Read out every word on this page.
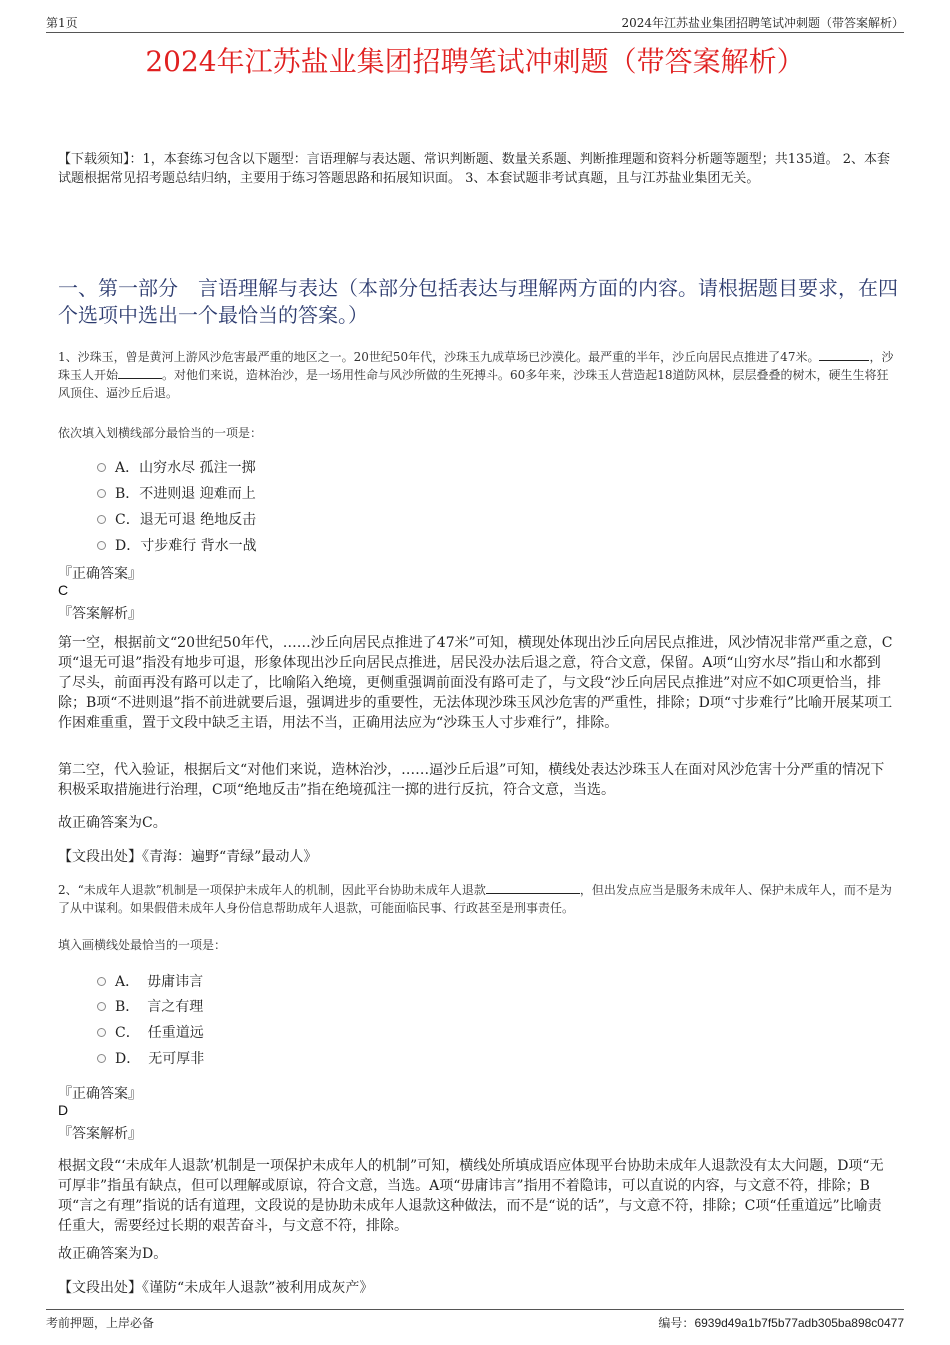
第1页	2024年江苏盐业集团招聘笔试冲刺题（带答案解析）
2024年江苏盐业集团招聘笔试冲刺题（带答案解析）
【下载须知】：1，本套练习包含以下题型：言语理解与表达题、常识判断题、数量关系题、判断推理题和资料分析题等题型；共135道。 2、本套试题根据常见招考题总结归纳，主要用于练习答题思路和拓展知识面。 3、本套试题非考试真题，且与江苏盐业集团无关。
一、第一部分　言语理解与表达（本部分包括表达与理解两方面的内容。请根据题目要求，在四个选项中选出一个最恰当的答案。）
1、沙珠玉，曾是黄河上游风沙危害最严重的地区之一。20世纪50年代，沙珠玉九成草场已沙漠化。最严重的半年，沙丘向居民点推进了47米。	，沙珠玉人开始	。对他们来说，造林治沙，是一场用性命与风沙所做的生死搏斗。60多年来，沙珠玉人营造起18道防风林，层层叠叠的树木，硬生生将狂风顶住、逼沙丘后退。
依次填入划横线部分最恰当的一项是：
A． 山穷水尽 孤注一掷
B． 不进则退 迎难而上
C． 退无可退 绝地反击
D． 寸步难行 背水一战
『正确答案』
C
『答案解析』
第一空，根据前文“20世纪50年代，……沙丘向居民点推进了47米”可知，横现处体现出沙丘向居民点推进，风沙情况非常严重之意，C项“退无可退”指没有地步可退，形象体现出沙丘向居民点推进，居民没办法后退之意，符合文意，保留。A项“山穷水尽”指山和水都到了尽头，前面再没有路可以走了，比喻陷入绝境，更侧重强调前面没有路可走了，与文段“沙丘向居民点推进”对应不如C项更恰当，排除；B项“不进则退”指不前进就要后退，强调进步的重要性，无法体现沙珠玉风沙危害的严重性，排除；D项“寸步难行”比喻开展某项工作困难重重，置于文段中缺乏主语，用法不当，正确用法应为“沙珠玉人寸步难行”，排除。
第二空，代入验证，根据后文“对他们来说，造林治沙，……逼沙丘后退”可知，横线处表达沙珠玉人在面对风沙危害十分严重的情况下积极采取措施进行治理，C项“绝地反击”指在绝境孤注一掷的进行反抗，符合文意，当选。
故正确答案为C。
【文段出处】《青海：遍野“青绿”最动人》
2、“未成年人退款”机制是一项保护未成年人的机制，因此平台协助未成年人退款	，但出发点应当是服务未成年人、保护未成年人，而不是为了从中谋利。如果假借未成年人身份信息帮助成年人退款，可能面临民事、行政甚至是刑事责任。
填入画横线处最恰当的一项是：
A． 毋庸讳言
B． 言之有理
C． 任重道远
D． 无可厚非
『正确答案』
D
『答案解析』
根据文段“‘未成年人退款’机制是一项保护未成年人的机制”可知，横线处所填成语应体现平台协助未成年人退款没有太大问题，D项“无可厚非”指虽有缺点，但可以理解或原谅，符合文意，当选。A项“毋庸讳言”指用不着隐讳，可以直说的内容，与文意不符，排除；B项“言之有理”指说的话有道理，文段说的是协助未成年人退款这种做法，而不是“说的话”，与文意不符，排除；C项“任重道远”比喻责任重大，需要经过长期的艰苦奋斗，与文意不符，排除。
故正确答案为D。
【文段出处】《谨防“未成年人退款”被利用成灰产》
考前押题，上岸必备	编号：6939d49a1b7f5b77adb305ba898c0477
